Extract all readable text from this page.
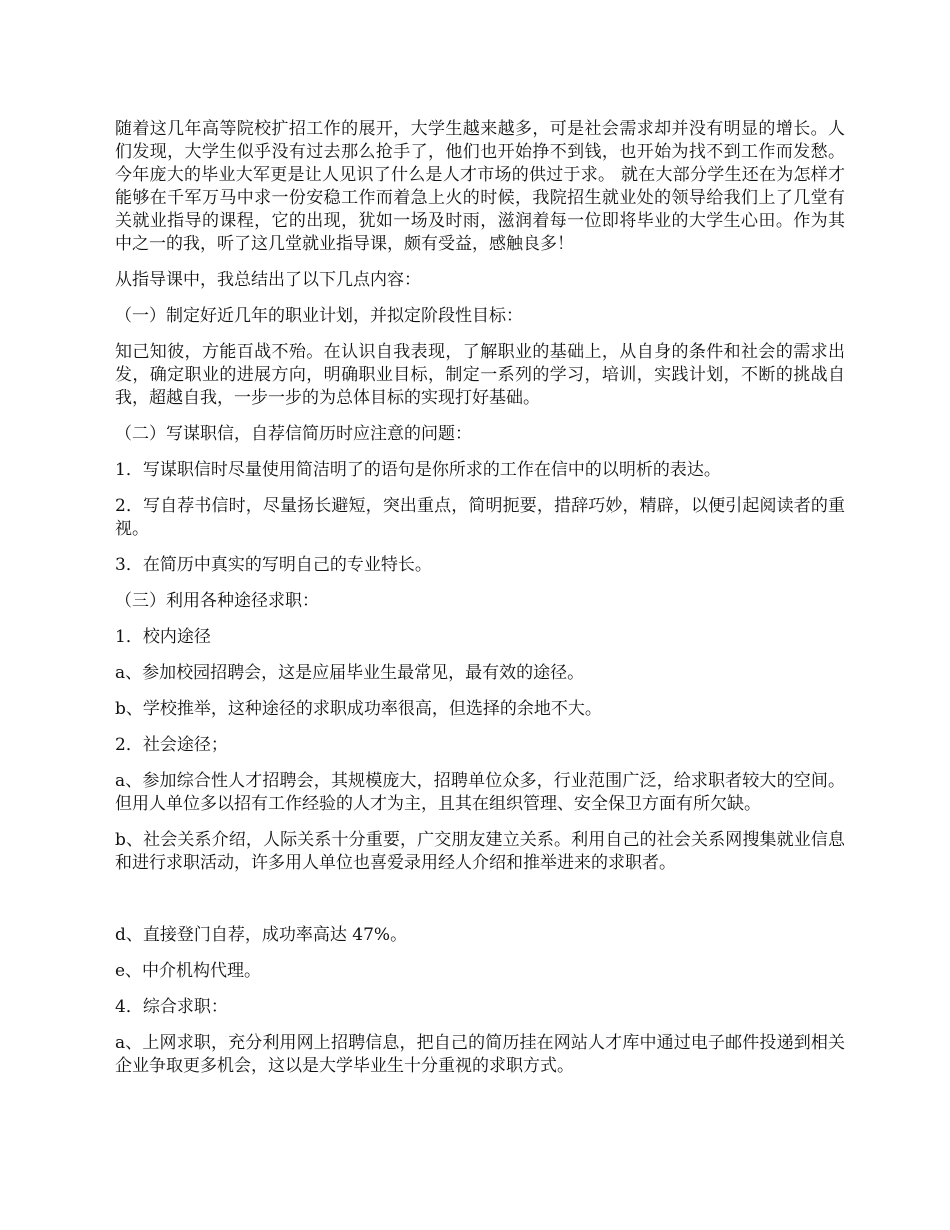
随着这几年高等院校扩招工作的展开，大学生越来越多，可是社会需求却并没有明显的增长。人们发现，大学生似乎没有过去那么抢手了，他们也开始挣不到钱，也开始为找不到工作而发愁。今年庞大的毕业大军更是让人见识了什么是人才市场的供过于求。 就在大部分学生还在为怎样才能够在千军万马中求一份安稳工作而着急上火的时候，我院招生就业处的领导给我们上了几堂有关就业指导的课程，它的出现，犹如一场及时雨，滋润着每一位即将毕业的大学生心田。作为其中之一的我，听了这几堂就业指导课，颇有受益，感触良多！

从指导课中，我总结出了以下几点内容：

（一）制定好近几年的职业计划，并拟定阶段性目标：

知己知彼，方能百战不殆。在认识自我表现，了解职业的基础上，从自身的条件和社会的需求出发，确定职业的进展方向，明确职业目标，制定一系列的学习，培训，实践计划，不断的挑战自我，超越自我，一步一步的为总体目标的实现打好基础。

（二）写谋职信，自荐信简历时应注意的问题：

1．写谋职信时尽量使用简洁明了的语句是你所求的工作在信中的以明析的表达。

2．写自荐书信时，尽量扬长避短，突出重点，简明扼要，措辞巧妙，精辟，以便引起阅读者的重视。

3．在简历中真实的写明自己的专业特长。

（三）利用各种途径求职：

1．校内途径

a、参加校园招聘会，这是应届毕业生最常见，最有效的途径。

b、学校推举，这种途径的求职成功率很高，但选择的余地不大。

2．社会途径；

a、参加综合性人才招聘会，其规模庞大，招聘单位众多，行业范围广泛，给求职者较大的空间。但用人单位多以招有工作经验的人才为主，且其在组织管理、安全保卫方面有所欠缺。

b、社会关系介绍，人际关系十分重要，广交朋友建立关系。利用自己的社会关系网搜集就业信息和进行求职活动，许多用人单位也喜爱录用经人介绍和推举进来的求职者。

d、直接登门自荐，成功率高达 47%。

e、中介机构代理。

4．综合求职：

a、上网求职，充分利用网上招聘信息，把自己的简历挂在网站人才库中通过电子邮件投递到相关企业争取更多机会，这以是大学毕业生十分重视的求职方式。
